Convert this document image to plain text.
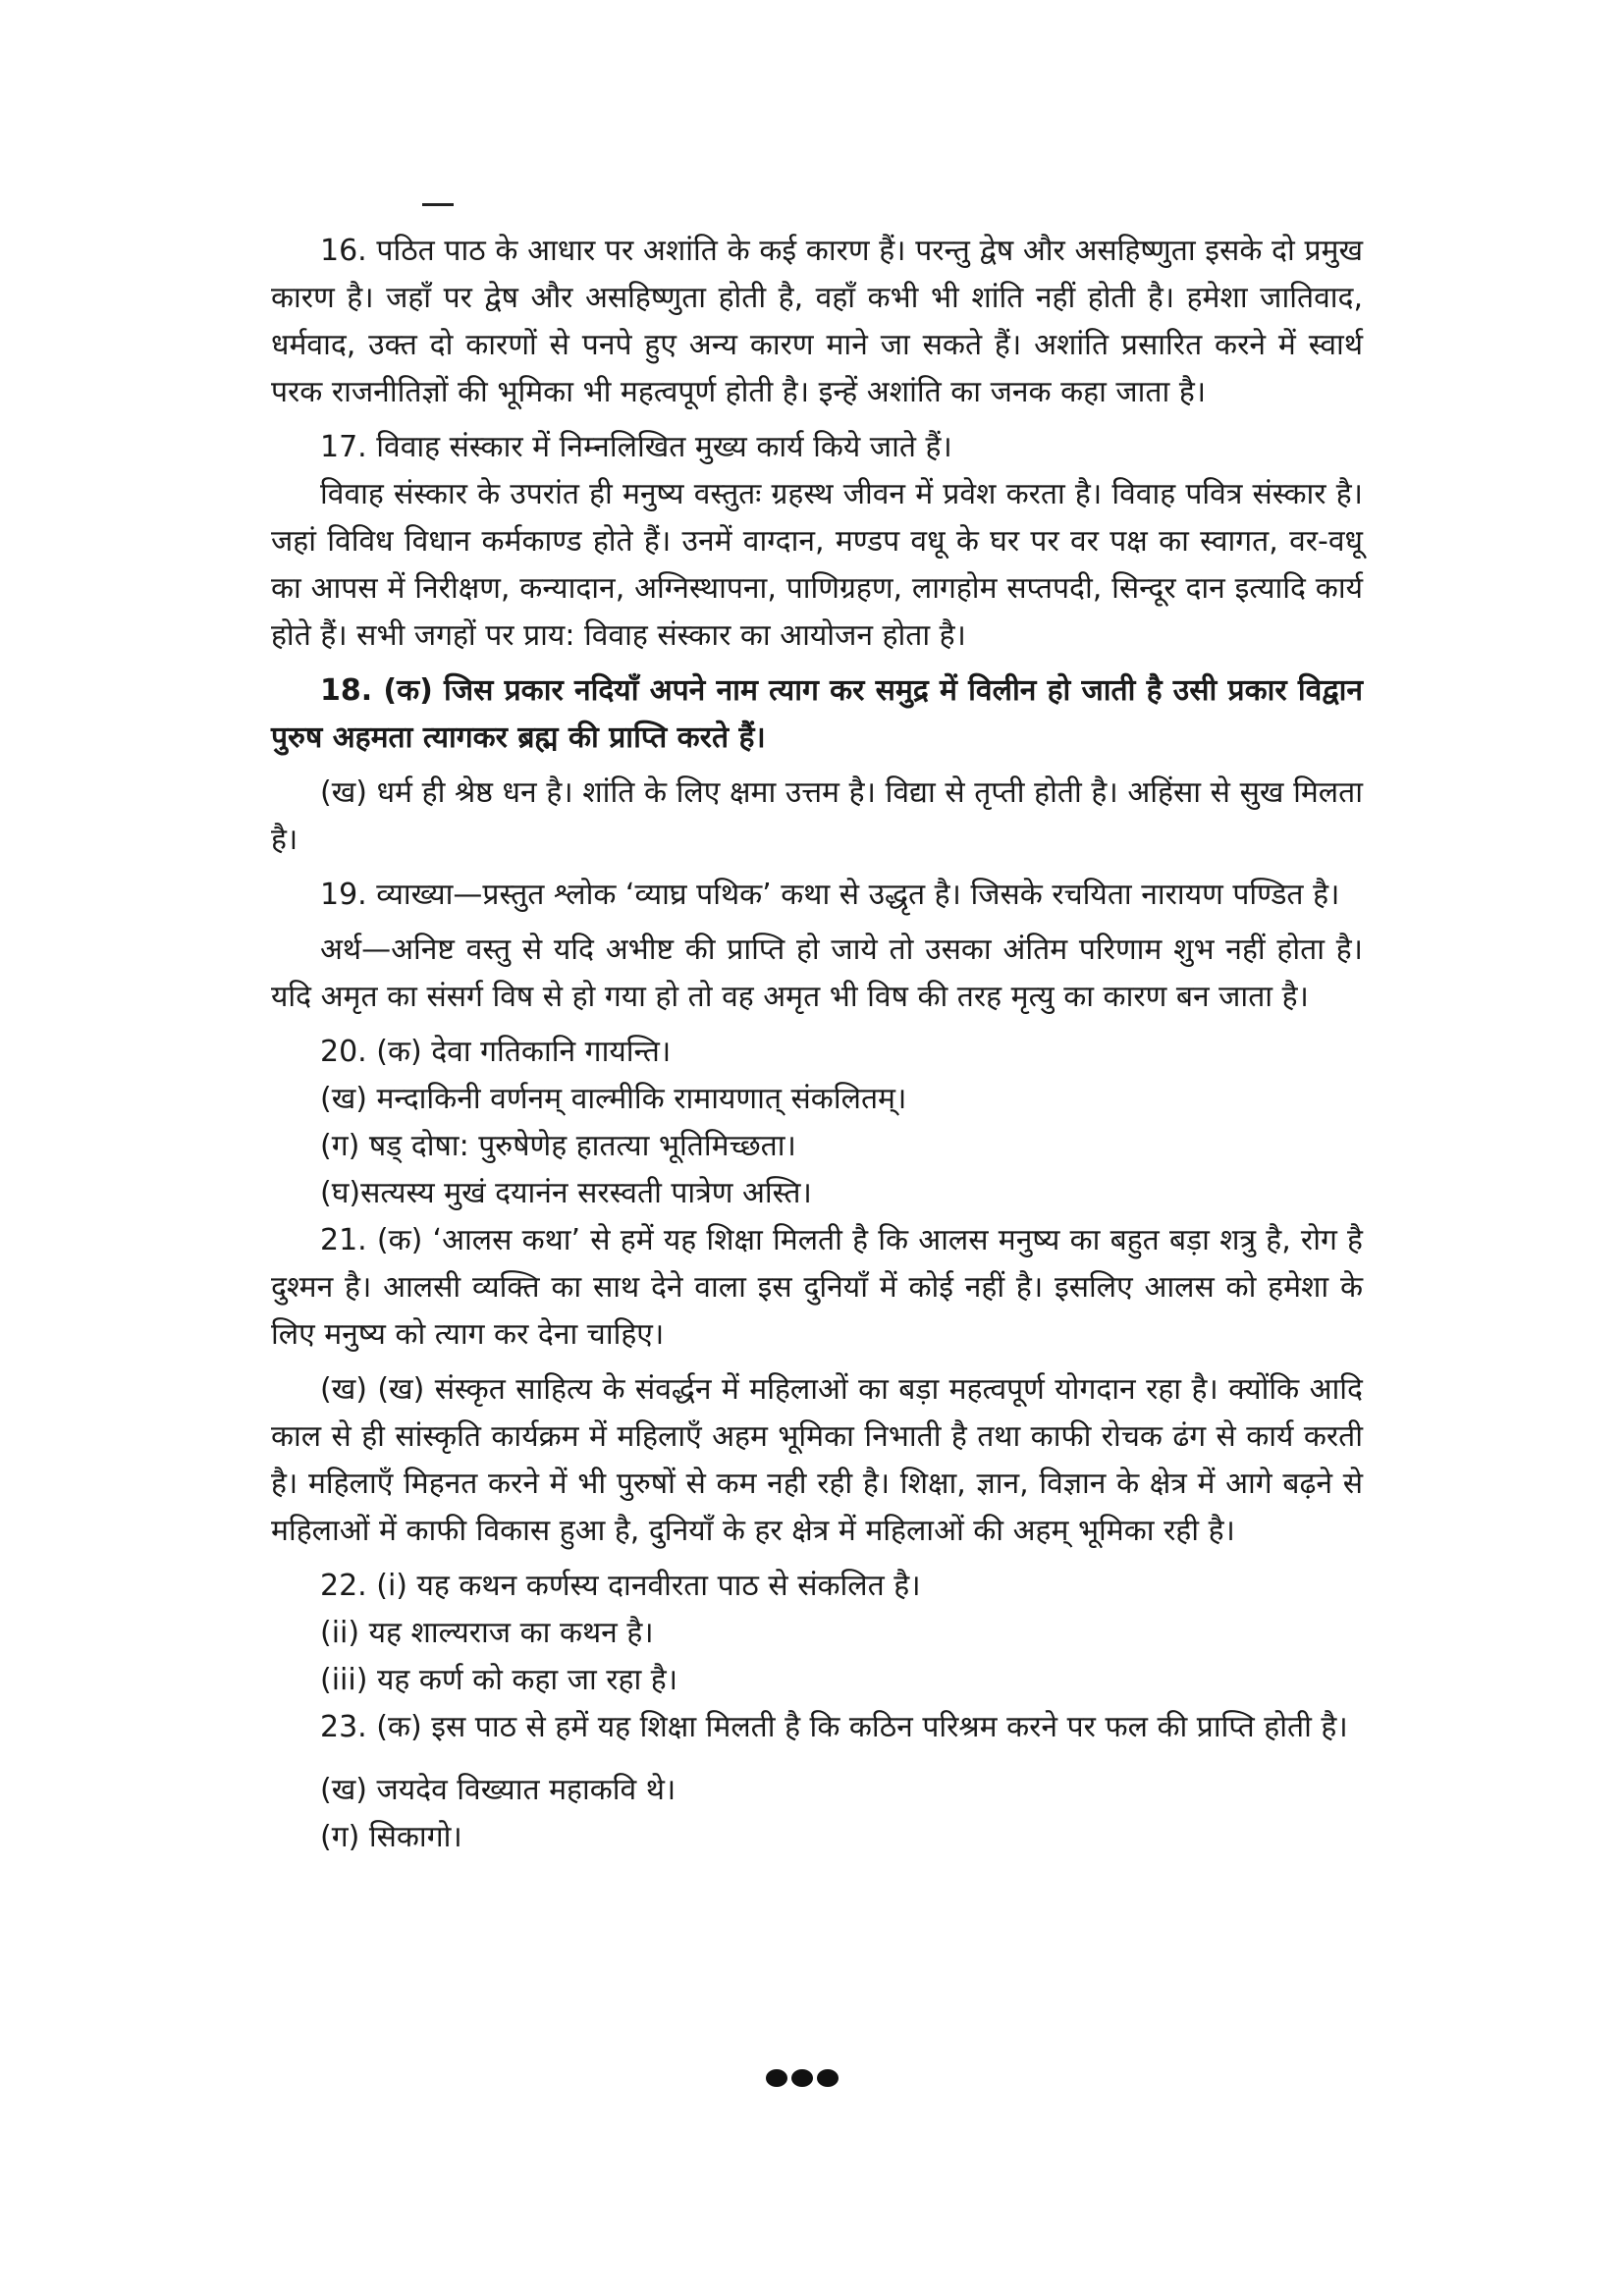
16. पठित पाठ के आधार पर अशांति के कई कारण हैं। परन्तु द्वेष और असहिष्णुता इसके दो प्रमुख कारण है। जहाँ पर द्वेष और असहिष्णुता होती है, वहाँ कभी भी शांति नहीं होती है। हमेशा जातिवाद, धर्मवाद, उक्त दो कारणों से पनपे हुए अन्य कारण माने जा सकते हैं। अशांति प्रसारित करने में स्वार्थ परक राजनीतिज्ञों की भूमिका भी महत्वपूर्ण होती है। इन्हें अशांति का जनक कहा जाता है।

17. विवाह संस्कार में निम्नलिखित मुख्य कार्य किये जाते हैं।

विवाह संस्कार के उपरांत ही मनुष्य वस्तुतः ग्रहस्थ जीवन में प्रवेश करता है। विवाह पवित्र संस्कार है। जहां विविध विधान कर्मकाण्ड होते हैं। उनमें वाग्दान, मण्डप वधू के घर पर वर पक्ष का स्वागत, वर-वधू का आपस में निरीक्षण, कन्यादान, अग्निस्थापना, पाणिग्रहण, लागहोम सप्तपदी, सिन्दूर दान इत्यादि कार्य होते हैं। सभी जगहों पर प्राय: विवाह संस्कार का आयोजन होता है।

18. (क) जिस प्रकार नदियाँ अपने नाम त्याग कर समुद्र में विलीन हो जाती है उसी प्रकार विद्वान पुरुष अहमता त्यागकर ब्रह्म की प्राप्ति करते हैं।

(ख) धर्म ही श्रेष्ठ धन है। शांति के लिए क्षमा उत्तम है। विद्या से तृप्ती होती है। अहिंसा से सुख मिलता है।

19. व्याख्या—प्रस्तुत श्लोक ‘व्याघ्र पथिक’ कथा से उद्धृत है। जिसके रचयिता नारायण पण्डित है।

अर्थ—अनिष्ट वस्तु से यदि अभीष्ट की प्राप्ति हो जाये तो उसका अंतिम परिणाम शुभ नहीं होता है। यदि अमृत का संसर्ग विष से हो गया हो तो वह अमृत भी विष की तरह मृत्यु का कारण बन जाता है।

20. (क) देवा गतिकानि गायन्ति।

(ख) मन्दाकिनी वर्णनम् वाल्मीकि रामायणात् संकलितम्।

(ग) षड् दोषा: पुरुषेणेह हातत्या भूतिमिच्छता।

(घ)सत्यस्य मुखं दयानंन सरस्वती पात्रेण अस्ति।

21. (क) ‘आलस कथा’ से हमें यह शिक्षा मिलती है कि आलस मनुष्य का बहुत बड़ा शत्रु है, रोग है दुश्मन है। आलसी व्यक्ति का साथ देने वाला इस दुनियाँ में कोई नहीं है। इसलिए आलस को हमेशा के लिए मनुष्य को त्याग कर देना चाहिए।

(ख) (ख) संस्कृत साहित्य के संवर्द्धन में महिलाओं का बड़ा महत्वपूर्ण योगदान रहा है। क्योंकि आदि काल से ही सांस्कृति कार्यक्रम में महिलाएँ अहम भूमिका निभाती है तथा काफी रोचक ढंग से कार्य करती है। महिलाएँ मिहनत करने में भी पुरुषों से कम नही रही है। शिक्षा, ज्ञान, विज्ञान के क्षेत्र में आगे बढ़ने से महिलाओं में काफी विकास हुआ है, दुनियाँ के हर क्षेत्र में महिलाओं की अहम् भूमिका रही है।

22. (i) यह कथन कर्णस्य दानवीरता पाठ से संकलित है।

(ii) यह शाल्यराज का कथन है।

(iii) यह कर्ण को कहा जा रहा है।

23. (क) इस पाठ से हमें यह शिक्षा मिलती है कि कठिन परिश्रम करने पर फल की प्राप्ति होती है।

(ख) जयदेव विख्यात महाकवि थे।

(ग) सिकागो।
